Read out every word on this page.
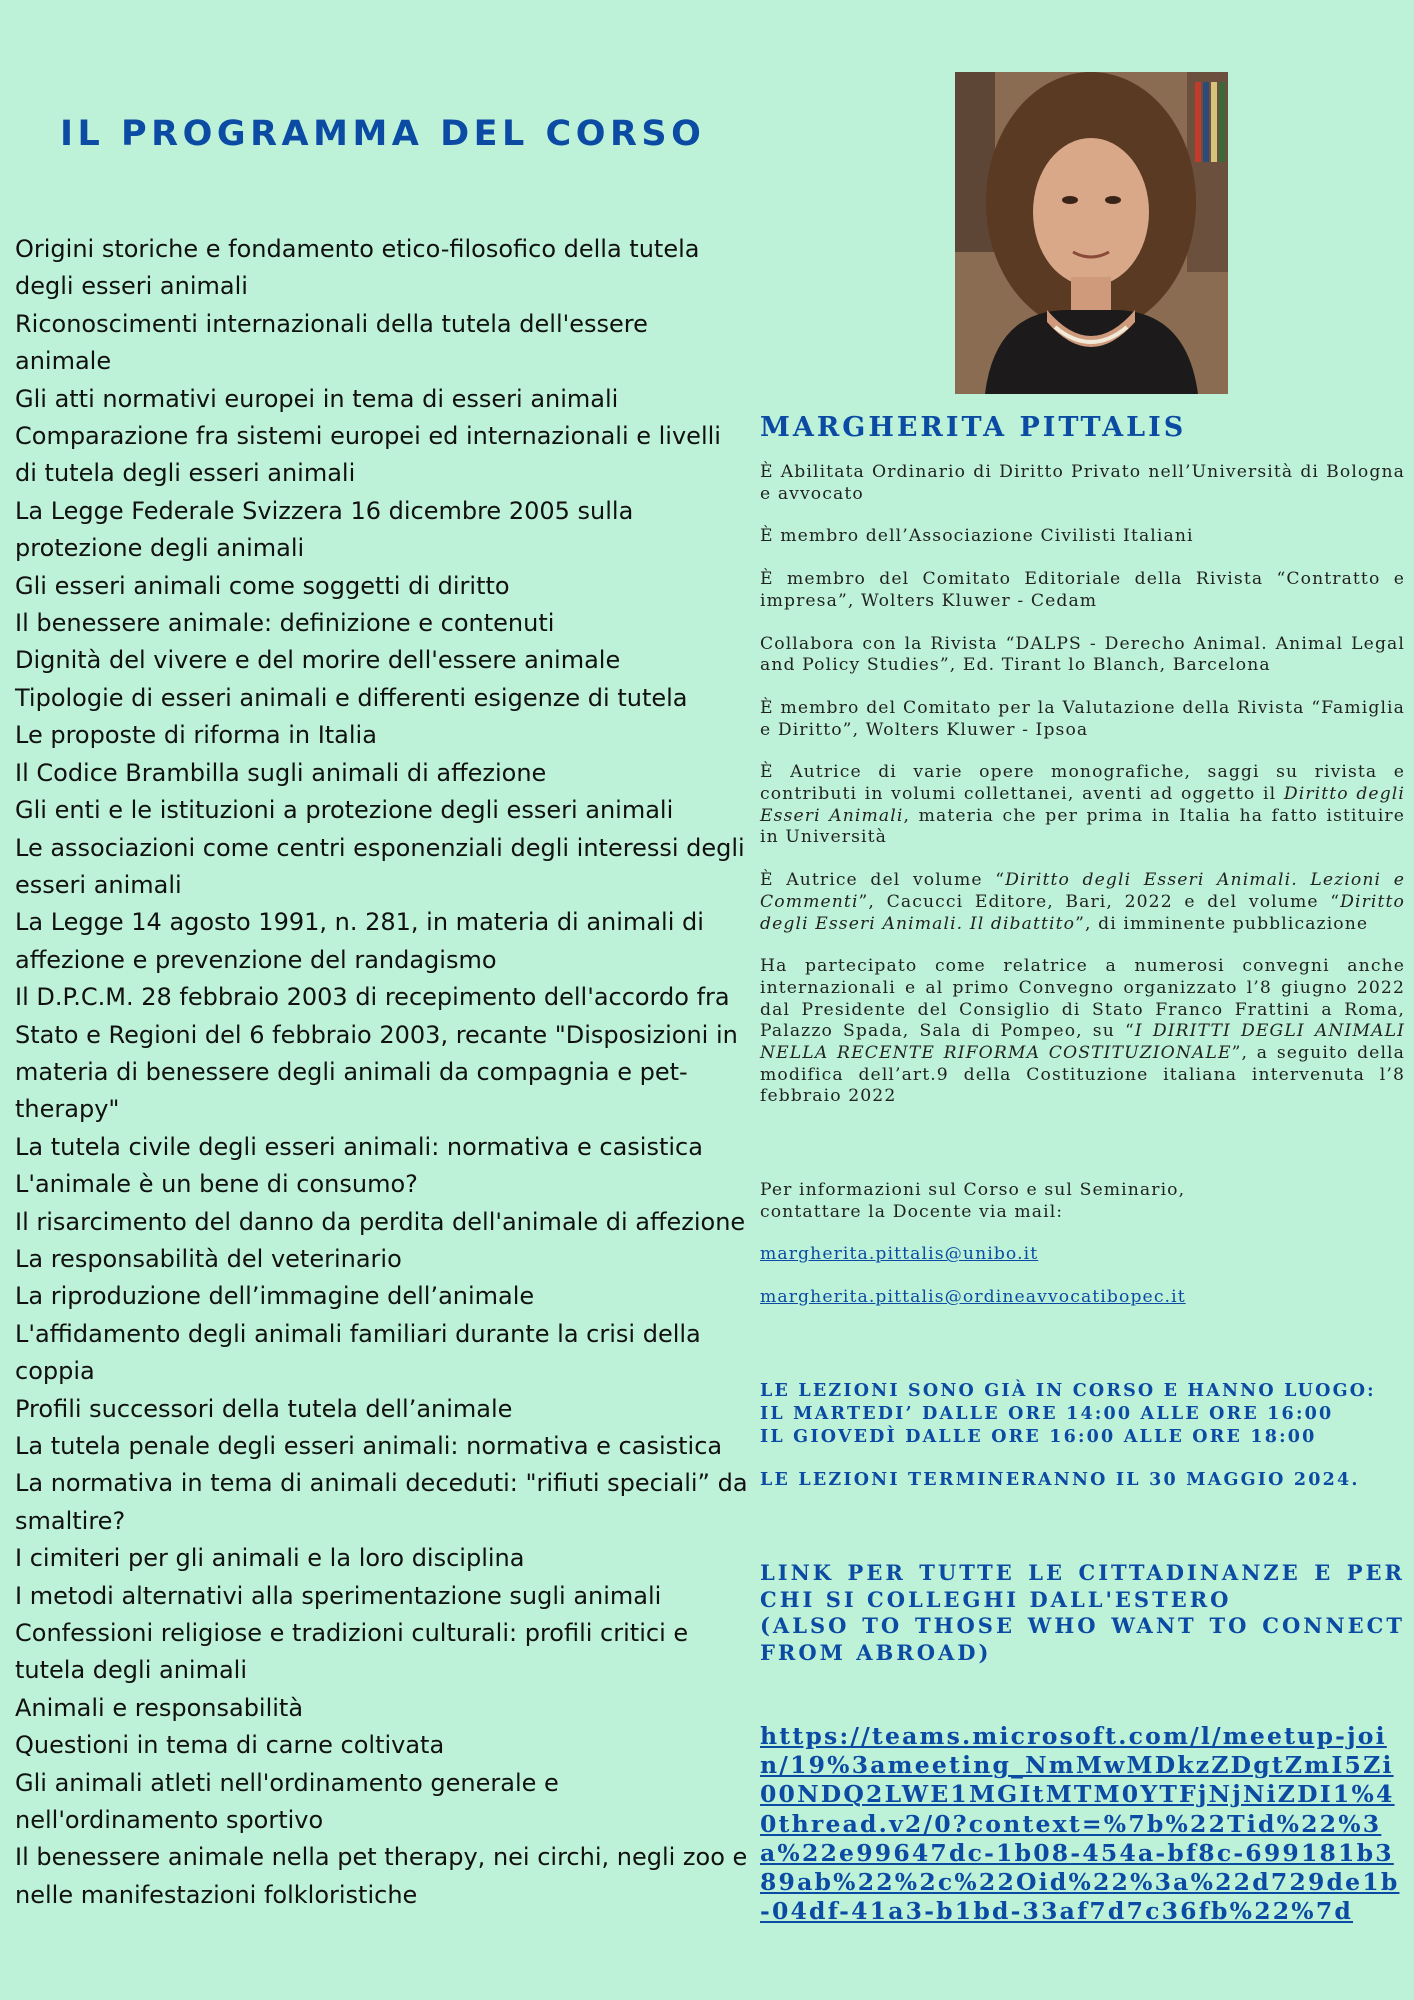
IL PROGRAMMA DEL CORSO
Origini storiche e fondamento etico-filosofico della tutela degli esseri animali
Riconoscimenti internazionali della tutela dell'essere animale
Gli atti normativi europei in tema di esseri animali
Comparazione fra sistemi europei ed internazionali e livelli di tutela degli esseri animali
La Legge Federale Svizzera 16 dicembre 2005 sulla protezione degli animali
Gli esseri animali come soggetti di diritto
Il benessere animale: definizione e contenuti
Dignità del vivere e del morire dell'essere animale
Tipologie di esseri animali e differenti esigenze di tutela
Le proposte di riforma in Italia
Il Codice Brambilla sugli animali di affezione
Gli enti e le istituzioni a protezione degli esseri animali
Le associazioni come centri esponenziali degli interessi degli esseri animali
La Legge 14 agosto 1991, n. 281, in materia di animali di affezione e prevenzione del randagismo
Il D.P.C.M. 28 febbraio 2003 di recepimento dell'accordo fra Stato e Regioni del 6 febbraio 2003, recante "Disposizioni in materia di benessere degli animali da compagnia e pet-therapy"
La tutela civile degli esseri animali: normativa e casistica
L'animale è un bene di consumo?
Il risarcimento del danno da perdita dell'animale di affezione
La responsabilità del veterinario
La riproduzione dell’immagine dell’animale
L'affidamento degli animali familiari durante la crisi della coppia
Profili successori della tutela dell’animale
La tutela penale degli esseri animali: normativa e casistica
La normativa in tema di animali deceduti: "rifiuti speciali” da smaltire?
I cimiteri per gli animali e la loro disciplina
I metodi alternativi alla sperimentazione sugli animali
Confessioni religiose e tradizioni culturali: profili critici e tutela degli animali
Animali e responsabilità
Questioni in tema di carne coltivata
Gli animali atleti nell'ordinamento generale e nell'ordinamento sportivo
Il benessere animale nella pet therapy, nei circhi, negli zoo e nelle manifestazioni folkloristiche
MARGHERITA PITTALIS

È Abilitata Ordinario di Diritto Privato nell’Università di Bologna e avvocato

È membro dell’Associazione Civilisti Italiani

È membro del Comitato Editoriale della Rivista “Contratto e impresa”, Wolters Kluwer - Cedam

Collabora con la Rivista “DALPS - Derecho Animal. Animal Legal and Policy Studies”, Ed. Tirant lo Blanch, Barcelona

È membro del Comitato per la Valutazione della Rivista “Famiglia e Diritto”, Wolters Kluwer - Ipsoa

È Autrice di varie opere monografiche, saggi su rivista e contributi in volumi collettanei, aventi ad oggetto il Diritto degli Esseri Animali, materia che per prima in Italia ha fatto istituire in Università

È Autrice del volume “Diritto degli Esseri Animali. Lezioni e Commenti”, Cacucci Editore, Bari, 2022 e del volume “Diritto degli Esseri Animali. Il dibattito”, di imminente pubblicazione

Ha partecipato come relatrice a numerosi convegni anche internazionali e al primo Convegno organizzato l’8 giugno 2022 dal Presidente del Consiglio di Stato Franco Frattini a Roma, Palazzo Spada, Sala di Pompeo, su “I DIRITTI DEGLI ANIMALI NELLA RECENTE RIFORMA COSTITUZIONALE”, a seguito della modifica dell’art.9 della Costituzione italiana intervenuta l’8 febbraio 2022

Per informazioni sul Corso e sul Seminario,
contattare la Docente via mail:

margherita.pittalis@unibo.it

margherita.pittalis@ordineavvocatibopec.it

LE LEZIONI SONO GIÀ IN CORSO E HANNO LUOGO:
IL MARTEDI’ DALLE ORE 14:00 ALLE ORE 16:00
IL GIOVEDÌ DALLE ORE 16:00 ALLE ORE 18:00

LE LEZIONI TERMINERANNO IL 30 MAGGIO 2024.

LINK PER TUTTE LE CITTADINANZE E PER CHI SI COLLEGHI DALL'ESTERO
(ALSO TO THOSE WHO WANT TO CONNECT FROM ABROAD)
https://teams.microsoft.com/l/meetup-join/19%3ameeting_NmMwMDkzZDgtZmI5Zi00NDQ2LWE1MGItMTM0YTFjNjNiZDI1%40thread.v2/0?context=%7b%22Tid%22%3a%22e99647dc-1b08-454a-bf8c-699181b389ab%22%2c%22Oid%22%3a%22d729de1b-04df-41a3-b1bd-33af7d7c36fb%22%7d
